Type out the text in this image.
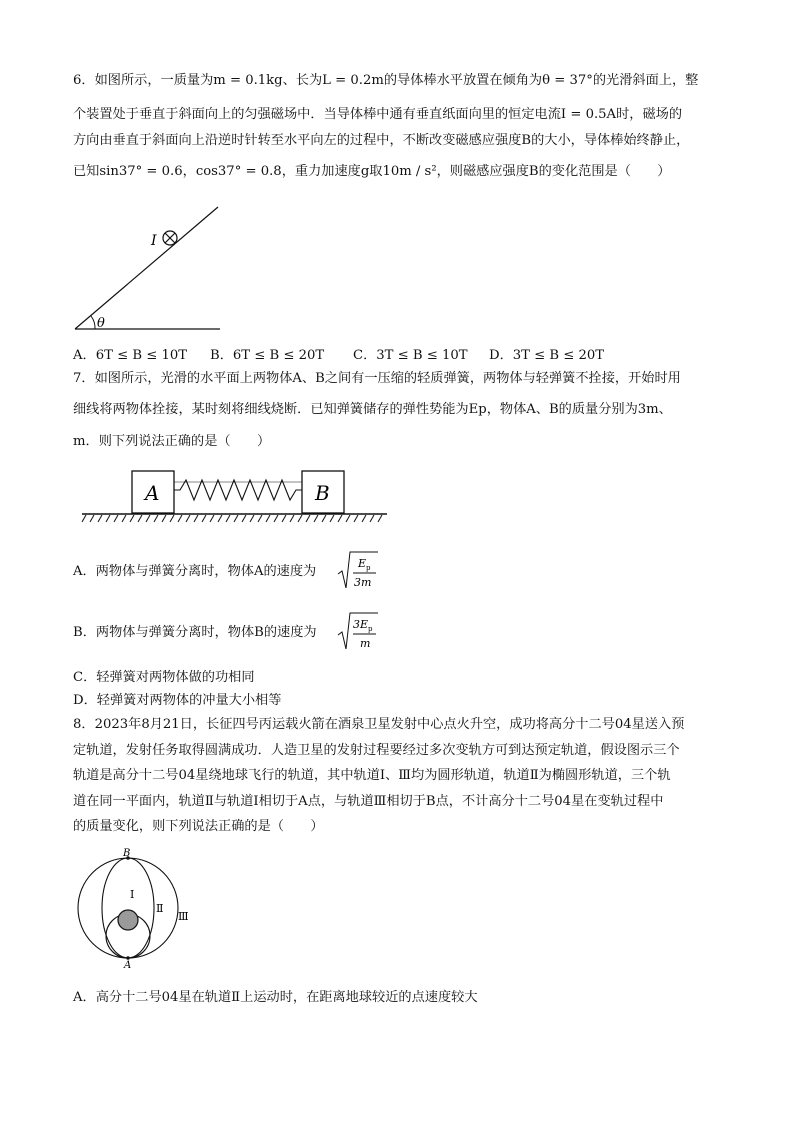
6．如图所示，一质量为m = 0.1kg、长为L = 0.2m的导体棒水平放置在倾角为θ = 37°的光滑斜面上，整
个装置处于垂直于斜面向上的匀强磁场中．当导体棒中通有垂直纸面向里的恒定电流I = 0.5A时，磁场的
方向由垂直于斜面向上沿逆时针转至水平向左的过程中，不断改变磁感应强度B的大小，导体棒始终静止，
已知sin37° = 0.6，cos37° = 0.8，重力加速度g取10m / s²，则磁感应强度B的变化范围是（　　）
θ
I
A．6T ≤ B ≤ 10T B．6T ≤ B ≤ 20T C．3T ≤ B ≤ 10T D．3T ≤ B ≤ 20T
7．如图所示，光滑的水平面上两物体A、B之间有一压缩的轻质弹簧，两物体与轻弹簧不拴接，开始时用
细线将两物体拴接，某时刻将细线烧断．已知弹簧储存的弹性势能为Ep，物体A、B的质量分别为3m、
m．则下列说法正确的是（　　）
A	B
A．两物体与弹簧分离时，物体A的速度为
E p
3m
B．两物体与弹簧分离时，物体B的速度为
3E p
m
C．轻弹簧对两物体做的功相同
D．轻弹簧对两物体的冲量大小相等
8．2023年8月21日，长征四号丙运载火箭在酒泉卫星发射中心点火升空，成功将高分十二号04星送入预
定轨道，发射任务取得圆满成功．人造卫星的发射过程要经过多次变轨方可到达预定轨道，假设图示三个
轨道是高分十二号04星绕地球飞行的轨道，其中轨道Ⅰ、Ⅲ均为圆形轨道，轨道Ⅱ为椭圆形轨道，三个轨
道在同一平面内，轨道Ⅱ与轨道Ⅰ相切于A点，与轨道Ⅲ相切于B点，不计高分十二号04星在变轨过程中
的质量变化，则下列说法正确的是（　　）
B
A
Ⅰ
Ⅱ
Ⅲ
A．高分十二号04星在轨道Ⅱ上运动时，在距离地球较近的点速度较大
